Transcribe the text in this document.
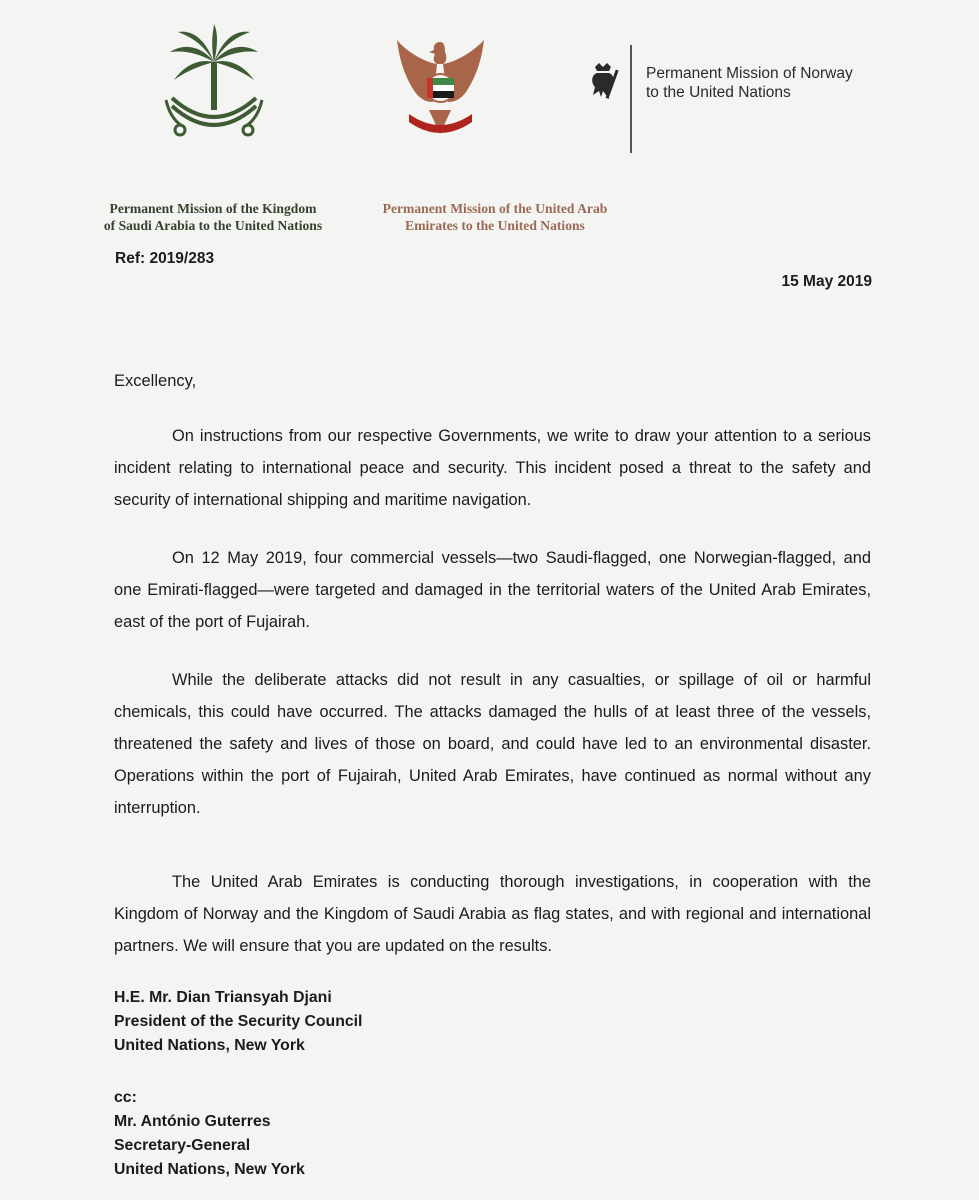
Permanent Mission of Norway
to the United Nations
Permanent Mission of the Kingdom
of Saudi Arabia to the United Nations
Permanent Mission of the United Arab
Emirates to the United Nations
Ref: 2019/283
15 May 2019
Excellency,

On instructions from our respective Governments, we write to draw your attention to a serious incident relating to international peace and security. This incident posed a threat to the safety and security of international shipping and maritime navigation.

On 12 May 2019, four commercial vessels—two Saudi-flagged, one Norwegian-flagged, and one Emirati-flagged—were targeted and damaged in the territorial waters of the United Arab Emirates, east of the port of Fujairah.

While the deliberate attacks did not result in any casualties, or spillage of oil or harmful chemicals, this could have occurred. The attacks damaged the hulls of at least three of the vessels, threatened the safety and lives of those on board, and could have led to an environmental disaster. Operations within the port of Fujairah, United Arab Emirates, have continued as normal without any interruption.

The United Arab Emirates is conducting thorough investigations, in cooperation with the Kingdom of Norway and the Kingdom of Saudi Arabia as flag states, and with regional and international partners. We will ensure that you are updated on the results.

H.E. Mr. Dian Triansyah Djani
President of the Security Council
United Nations, New York
cc:
Mr. António Guterres
Secretary-General
United Nations, New York
